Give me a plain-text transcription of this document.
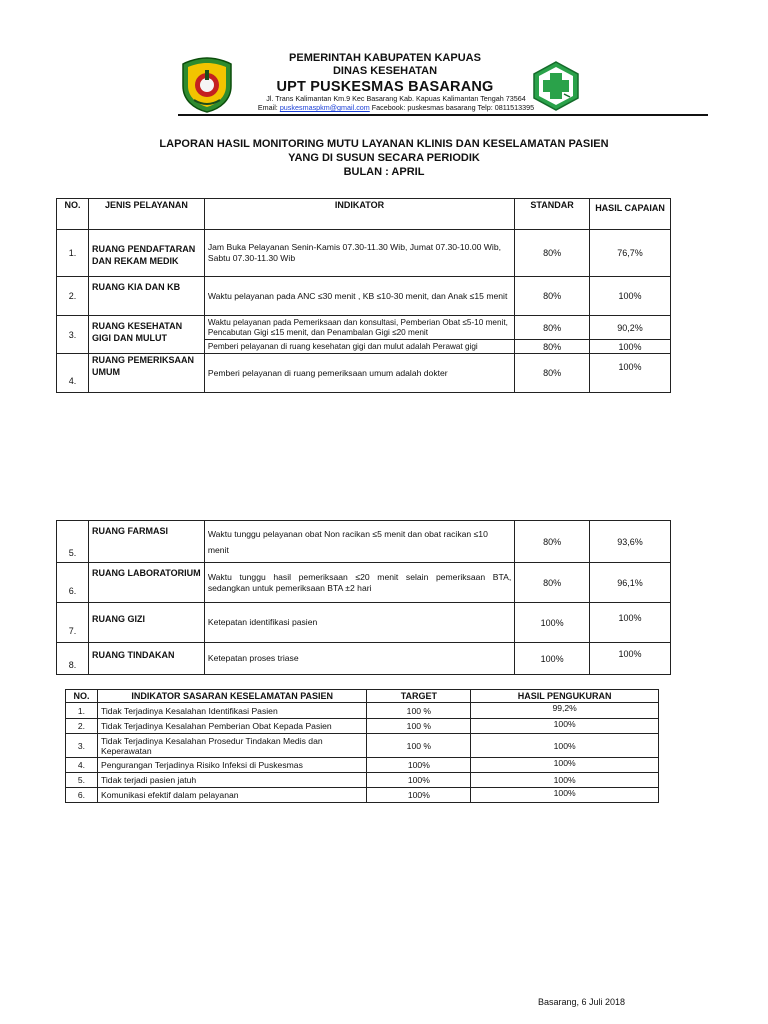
PEMERINTAH KABUPATEN KAPUAS
DINAS KESEHATAN
UPT PUSKESMAS BASARANG
Jl. Trans Kalimantan Km.9 Kec Basarang Kab. Kapuas Kalimantan Tengah 73564
Email: puskesmaspkm@gmail.com Facebook: puskesmas basarang Telp: 0811513395
LAPORAN HASIL MONITORING MUTU LAYANAN KLINIS DAN KESELAMATAN PASIEN
YANG DI SUSUN SECARA PERIODIK
BULAN : APRIL
NO.	JENIS PELAYANAN	INDIKATOR	STANDAR	HASIL CAPAIAN
1.	RUANG PENDAFTARAN DAN REKAM MEDIK	Jam Buka Pelayanan Senin-Kamis 07.30-11.30 Wib, Jumat 07.30-10.00 Wib, Sabtu 07.30-11.30 Wib	80%	76,7%
2.	RUANG KIA DAN KB	Waktu pelayanan pada ANC ≤30 menit , KB ≤10-30 menit, dan Anak ≤15 menit	80%	100%
3.	RUANG KESEHATAN GIGI DAN MULUT	Waktu pelayanan pada Pemeriksaan dan konsultasi, Pemberian Obat ≤5-10 menit, Pencabutan Gigi ≤15 menit, dan Penambalan Gigi ≤20 menit	80%	90,2%
		Pemberi pelayanan di ruang kesehatan gigi dan mulut adalah Perawat gigi	80%	100%
4.	RUANG PEMERIKSAAN UMUM	Pemberi pelayanan di ruang pemeriksaan umum adalah dokter	80%	100%
5.	RUANG FARMASI	Waktu tunggu pelayanan obat Non racikan ≤5 menit dan obat racikan ≤10 menit	80%	93,6%
6.	RUANG LABORATORIUM	Waktu tunggu hasil pemeriksaan ≤20 menit selain pemeriksaan BTA, sedangkan untuk pemeriksaan BTA ±2 hari	80%	96,1%
7.	RUANG GIZI	Ketepatan identifikasi pasien	100%	100%
8.	RUANG TINDAKAN	Ketepatan proses triase	100%	100%
NO.	INDIKATOR SASARAN KESELAMATAN PASIEN	TARGET	HASIL PENGUKURAN
1.	Tidak Terjadinya Kesalahan Identifikasi Pasien	100 %	99,2%
2.	Tidak Terjadinya Kesalahan Pemberian Obat Kepada Pasien	100 %	100%
3.	Tidak Terjadinya Kesalahan Prosedur Tindakan Medis dan Keperawatan	100 %	100%
4.	Pengurangan Terjadinya Risiko Infeksi di Puskesmas	100%	100%
5.	Tidak terjadi pasien jatuh	100%	100%
6.	Komunikasi efektif dalam pelayanan	100%	100%
Basarang, 6 Juli 2018
